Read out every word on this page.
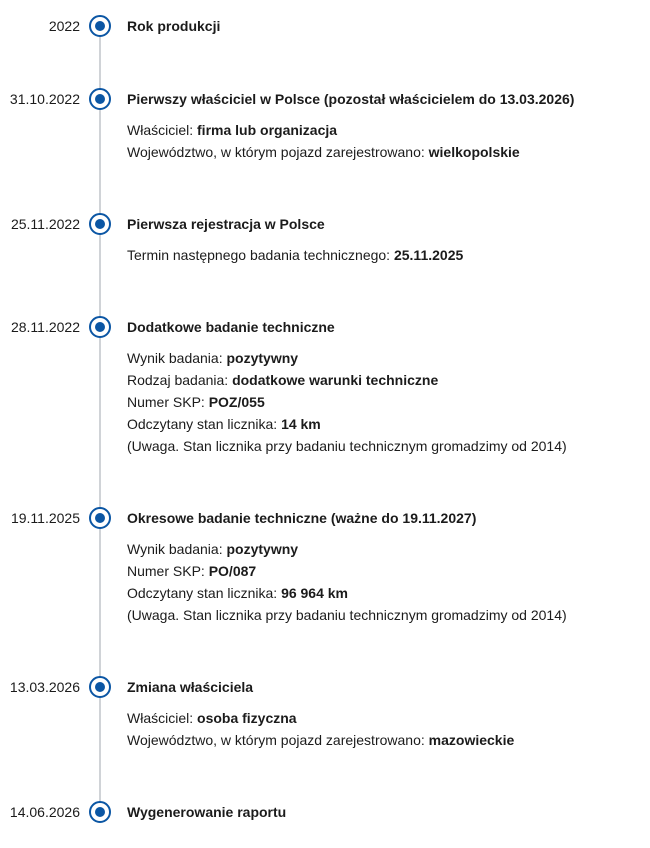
2022	Rok produkcji
31.10.2022	Pierwszy właściciel w Polsce (pozostał właścicielem do 13.03.2026)
Właściciel: firma lub organizacja
Województwo, w którym pojazd zarejestrowano: wielkopolskie
25.11.2022	Pierwsza rejestracja w Polsce
Termin następnego badania technicznego: 25.11.2025
28.11.2022	Dodatkowe badanie techniczne
Wynik badania: pozytywny
Rodzaj badania: dodatkowe warunki techniczne
Numer SKP: POZ/055
Odczytany stan licznika: 14 km
(Uwaga. Stan licznika przy badaniu technicznym gromadzimy od 2014)
19.11.2025	Okresowe badanie techniczne (ważne do 19.11.2027)
Wynik badania: pozytywny
Numer SKP: PO/087
Odczytany stan licznika: 96 964 km
(Uwaga. Stan licznika przy badaniu technicznym gromadzimy od 2014)
13.03.2026	Zmiana właściciela
Właściciel: osoba fizyczna
Województwo, w którym pojazd zarejestrowano: mazowieckie
14.06.2026	Wygenerowanie raportu
